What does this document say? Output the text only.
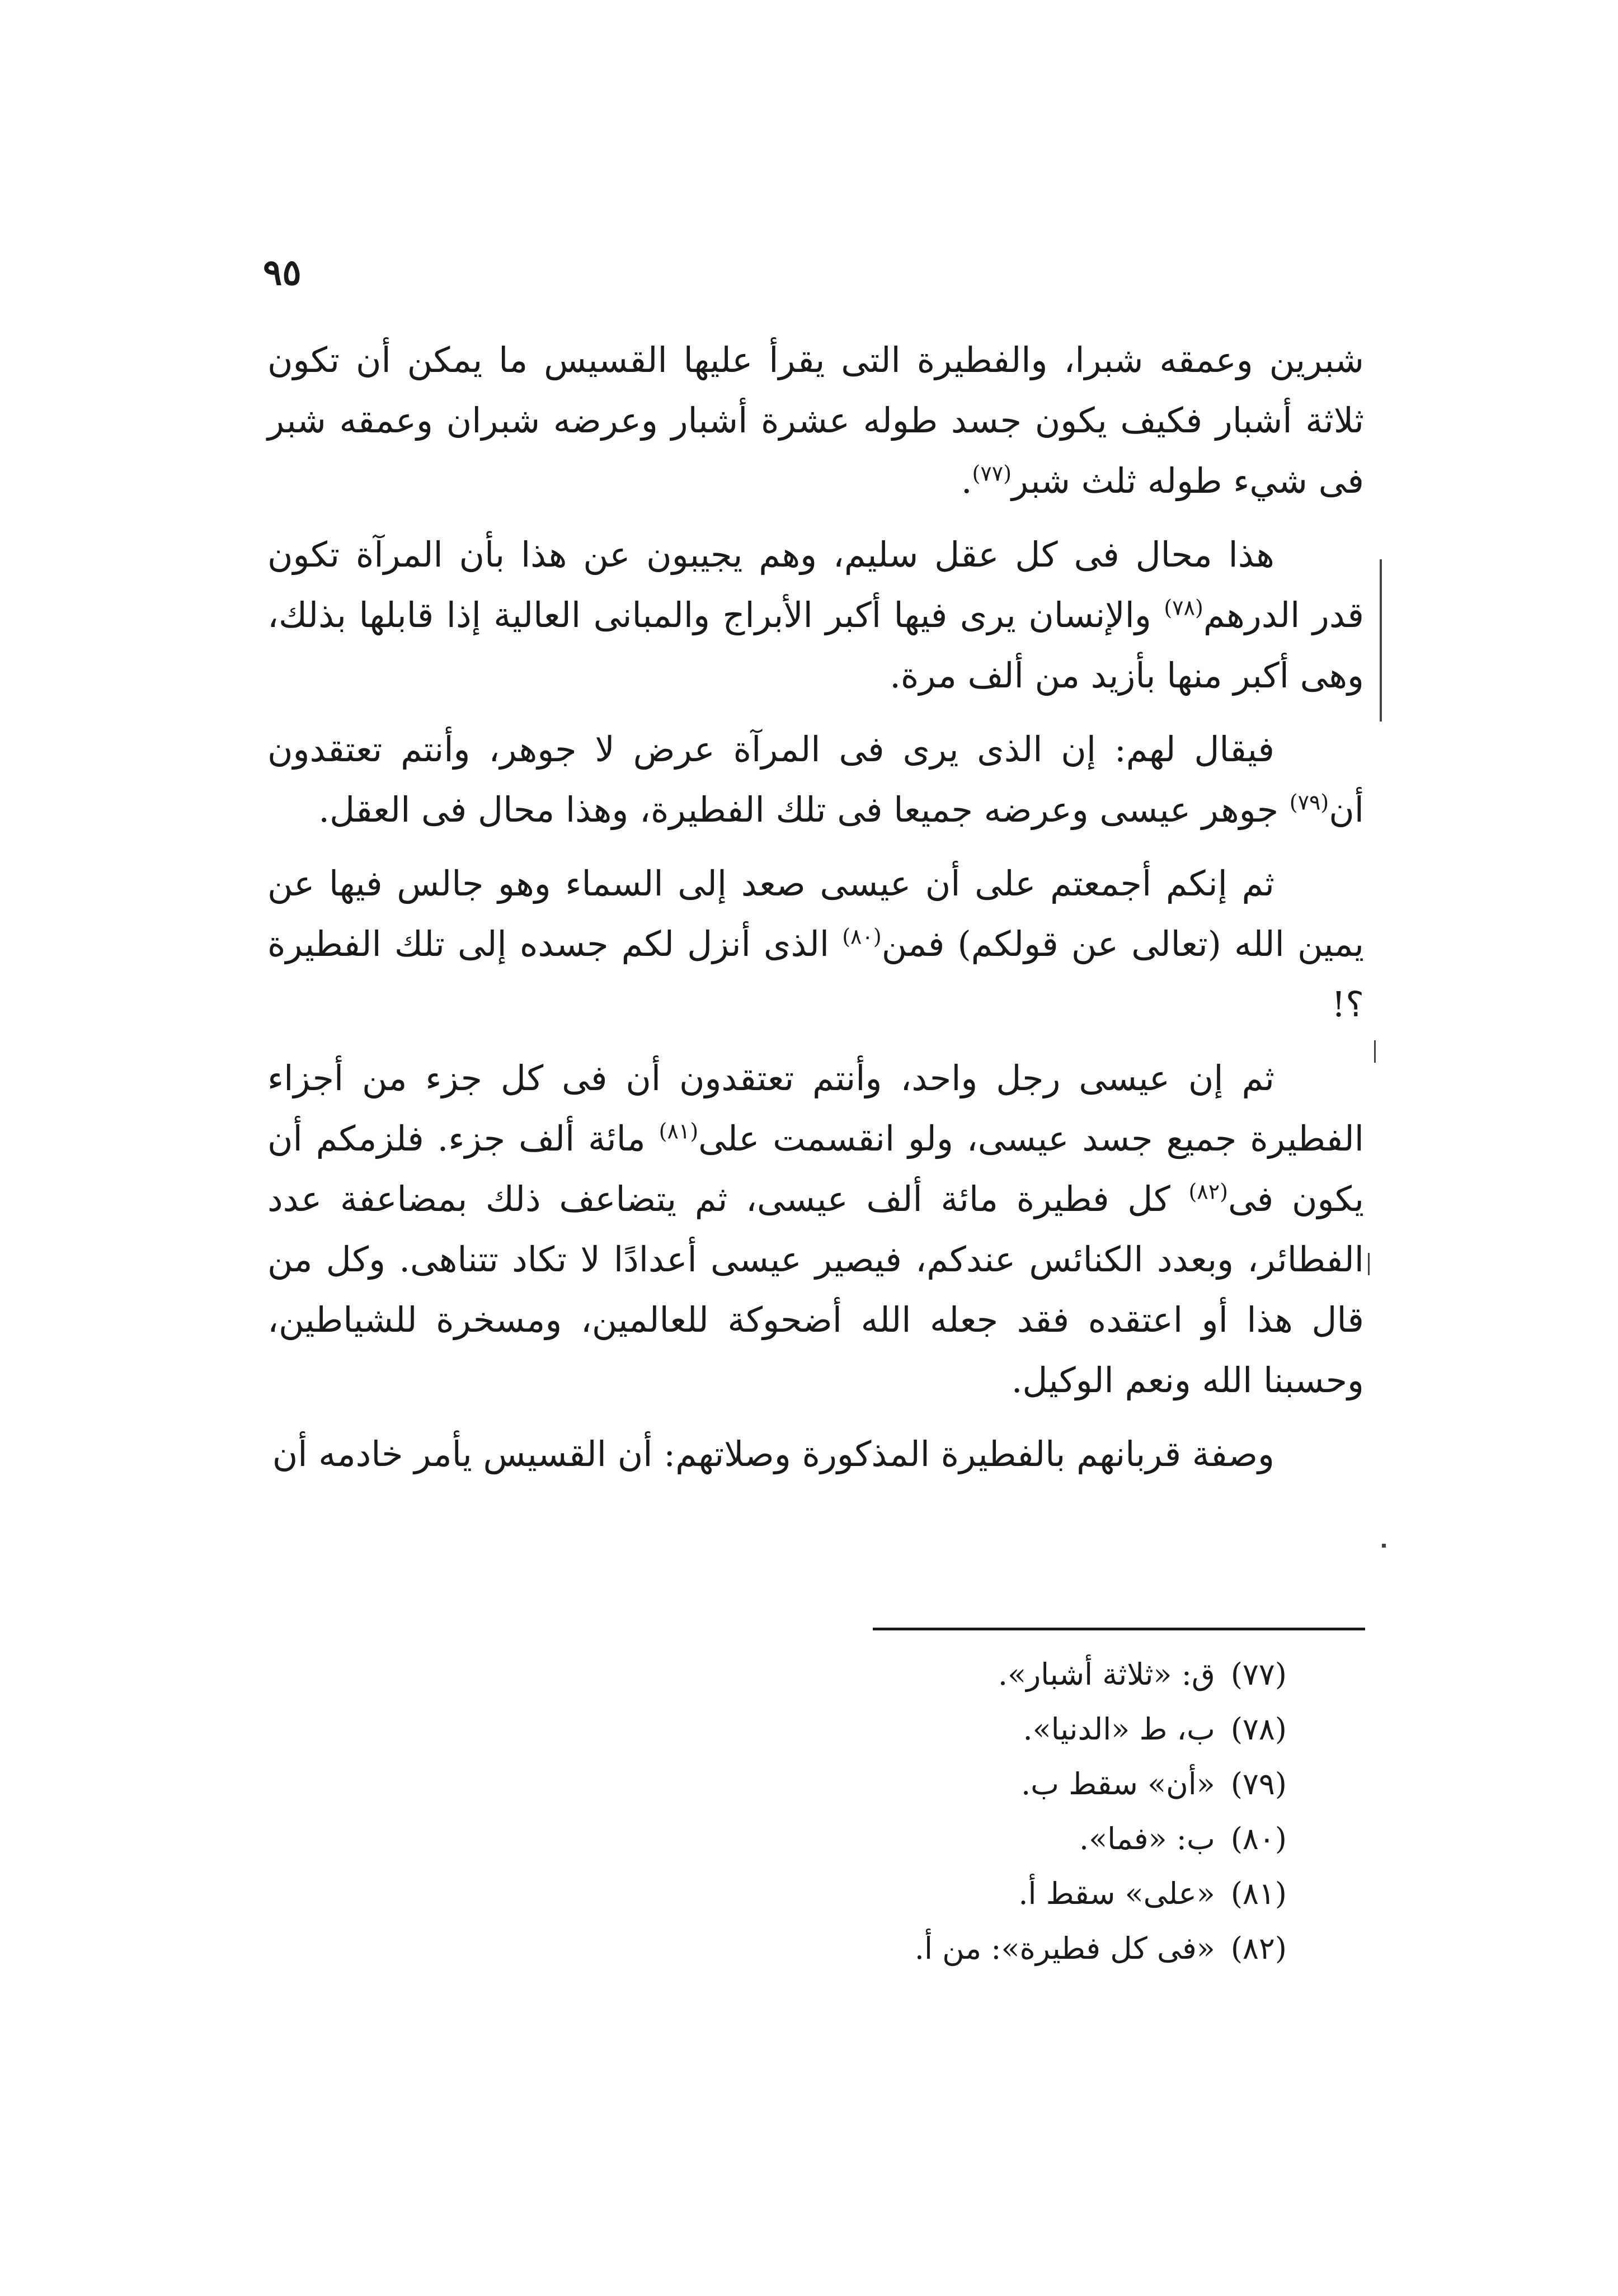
٩٥

شبرين وعمقه شبرا، والفطيرة التى يقرأ عليها القسيس ما يمكن أن تكون ثلاثة أشبار فكيف يكون جسد طوله عشرة أشبار وعرضه شبران وعمقه شبر فى شيء طوله ثلث شبر$^{(٧٧)}$.

هذا محال فى كل عقل سليم، وهم يجيبون عن هذا بأن المرآة تكون قدر الدرهم$^{(٧٨)}$ والإنسان يرى فيها أكبر الأبراج والمبانى العالية إذا قابلها بذلك، وهى أكبر منها بأزيد من ألف مرة.

فيقال لهم: إن الذى يرى فى المرآة عرض لا جوهر، وأنتم تعتقدون أن$^{(٧٩)}$ جوهر عيسى وعرضه جميعا فى تلك الفطيرة، وهذا محال فى العقل.

ثم إنكم أجمعتم على أن عيسى صعد إلى السماء وهو جالس فيها عن يمين الله (تعالى عن قولكم) فمن$^{(٨٠)}$ الذى أنزل لكم جسده إلى تلك الفطيرة ؟!

ثم إن عيسى رجل واحد، وأنتم تعتقدون أن فى كل جزء من أجزاء الفطيرة جميع جسد عيسى، ولو انقسمت على$^{(٨١)}$ مائة ألف جزء. فلزمكم أن يكون فى$^{(٨٢)}$ كل فطيرة مائة ألف عيسى، ثم يتضاعف ذلك بمضاعفة عدد الفطائر، وبعدد الكنائس عندكم، فيصير عيسى أعدادًا لا تكاد تتناهى. وكل من قال هذا أو اعتقده فقد جعله الله أضحوكة للعالمين، ومسخرة للشياطين، وحسبنا الله ونعم الوكيل.

وصفة قربانهم بالفطيرة المذكورة وصلاتهم: أن القسيس يأمر خادمه أن

(٧٧)
ق: «ثلاثة أشبار».
(٧٨)
ب، ط «الدنيا».
(٧٩)
«أن» سقط ب.
(٨٠)
ب: «فما».
(٨١)
«على» سقط أ.
(٨٢)
«فى كل فطيرة»: من أ.
